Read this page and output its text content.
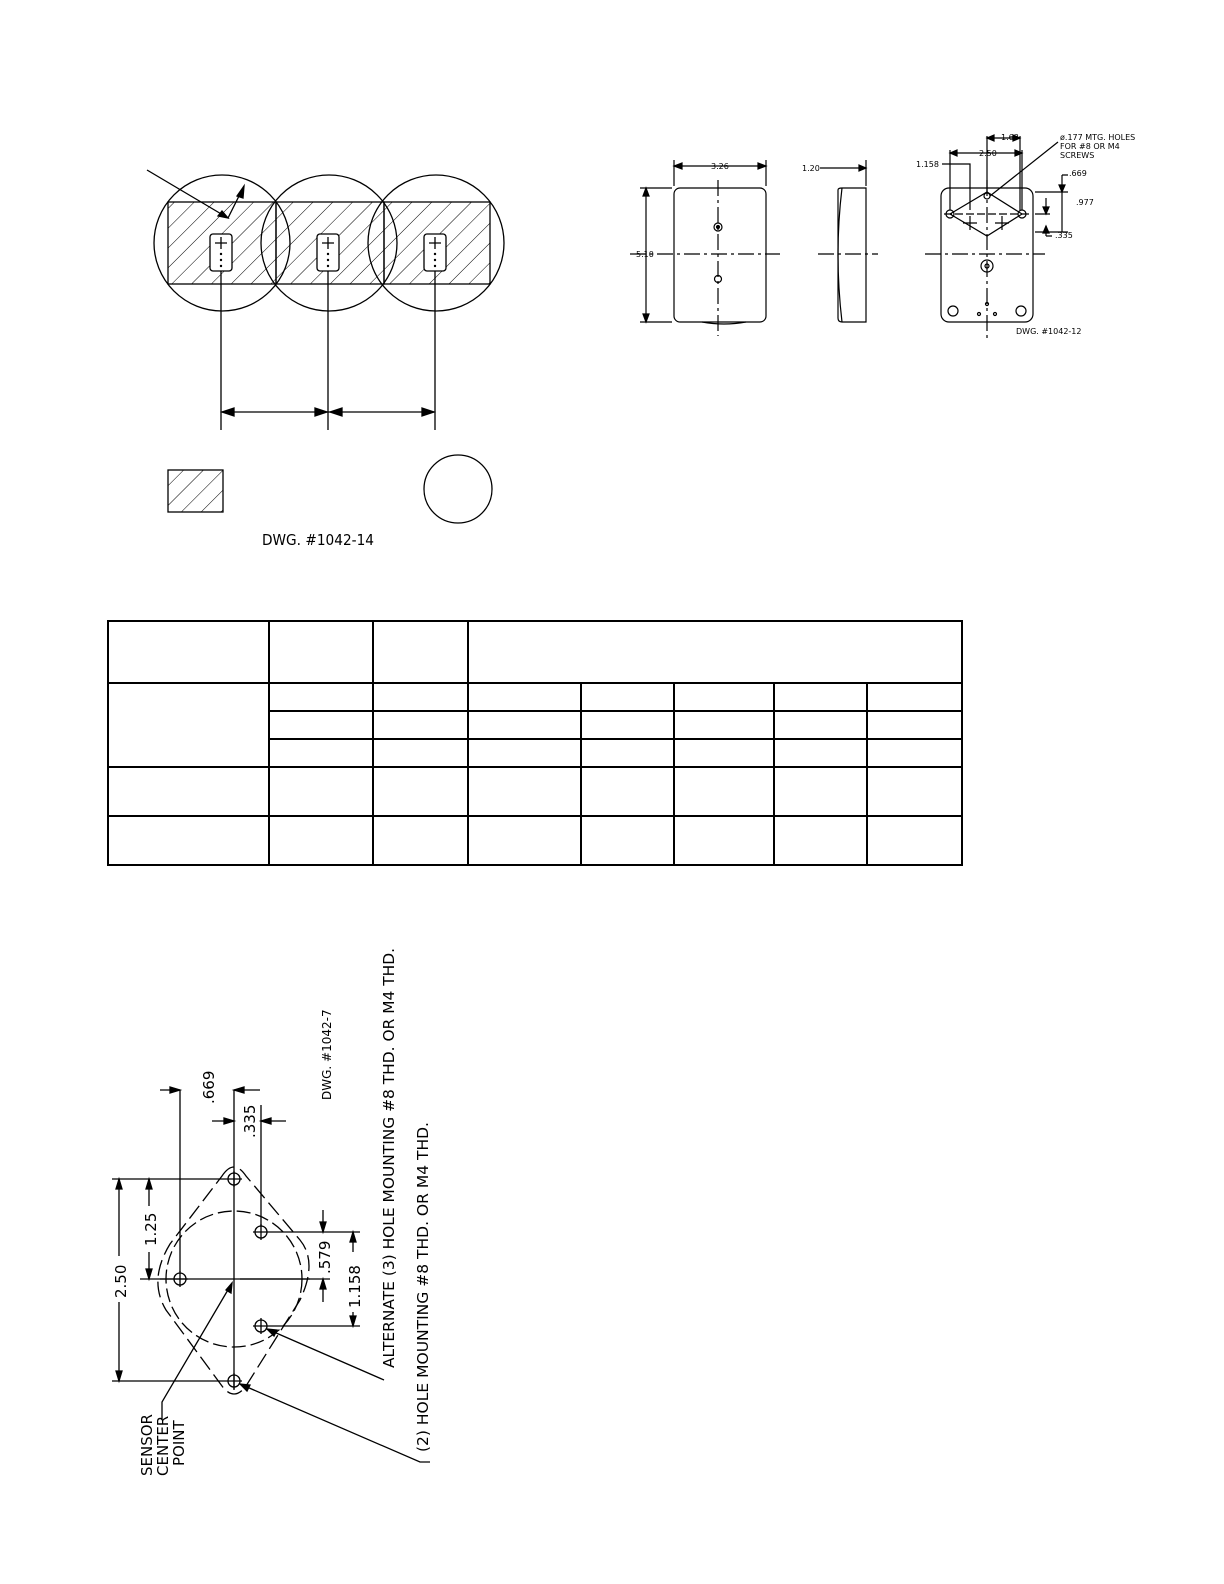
DWG. #1042-14
3.26
5.10
1.20	1.158
2.50
1.63
.669
.977
.335
ø.177 MTG. HOLES
FOR #8 OR M4
SCREWS
DWG. #1042-12

.669
.335
2.50
1.25
.579
1.158
DWG. #1042-7	ALTERNATE (3) HOLE MOUNTING #8 THD. OR M4 THD. (2) HOLE MOUNTING #8 THD. OR M4 THD.
SENSOR
CENTER
POINT
